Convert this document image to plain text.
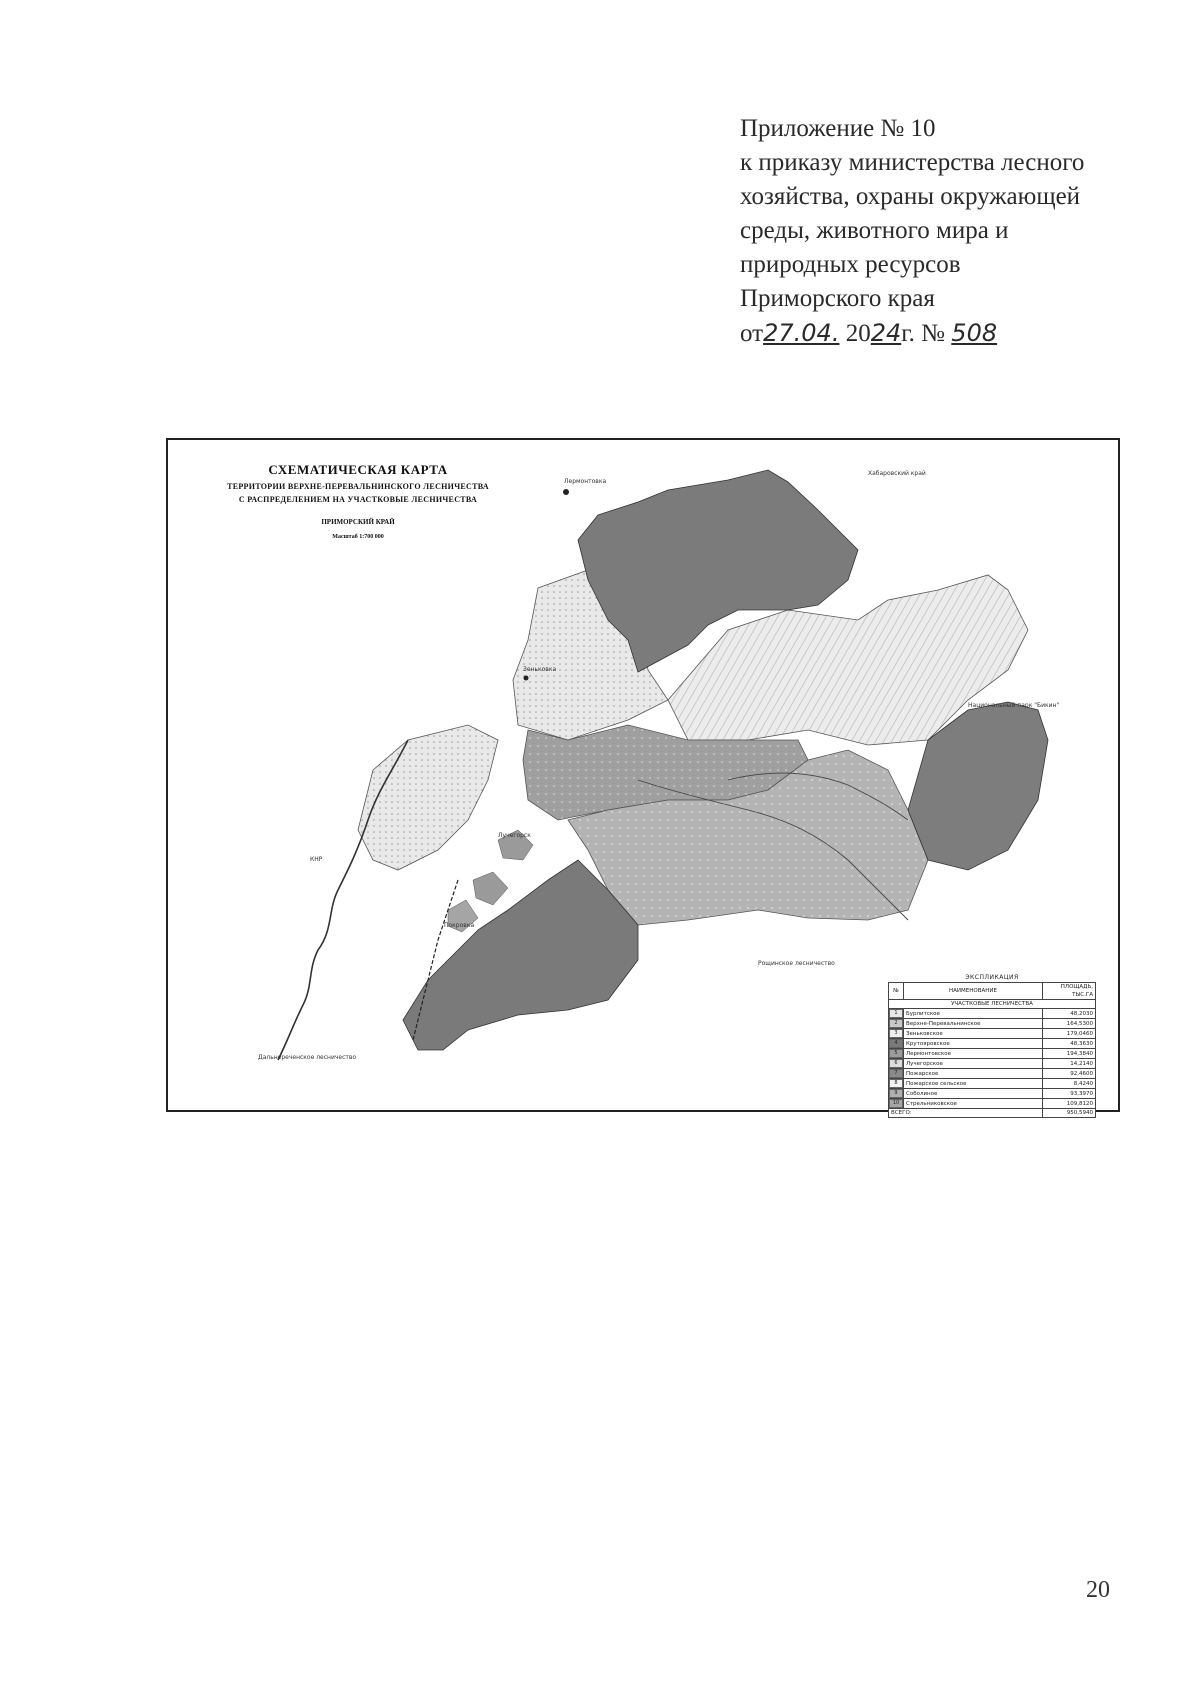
Приложение № 10
к приказу министерства лесного
хозяйства, охраны окружающей
среды, животного мира и
природных ресурсов
Приморского края
от27.04. 2024г. № 508
СХЕМАТИЧЕСКАЯ КАРТА
ТЕРРИТОРИИ ВЕРХНЕ-ПЕРЕВАЛЬНИНСКОГО ЛЕСНИЧЕСТВА
С РАСПРЕДЕЛЕНИЕМ НА УЧАСТКОВЫЕ ЛЕСНИЧЕСТВА
ПРИМОРСКИЙ КРАЙ
Масштаб 1:700 000
Лермонтовка
Хабаровский край
Зеньковка
Национальный парк "Бикин"
КНР
Лучегорск
Покровка
Рощинское лесничество
Дальнереченское лесничество
ЭКСПЛИКАЦИЯ
№	НАИМЕНОВАНИЕ	ПЛОЩАДЬ, ТЫС.ГА
УЧАСТКОВЫЕ ЛЕСНИЧЕСТВА		

1	Бурлитское	48,2030

2	Верхне-Перевальнинское	164,5300

3	Зеньковское	179,0460

4	Крутояровское	48,3630

5	Лермонтовское	194,3840

6	Лучегорское	14,2140

7	Пожарское	92,4600

8	Пожарское сельское	8,4240

9	Соболиное	93,3970

10	Стрельниковское	109,8120
ВСЕГО:		950,5940
20
